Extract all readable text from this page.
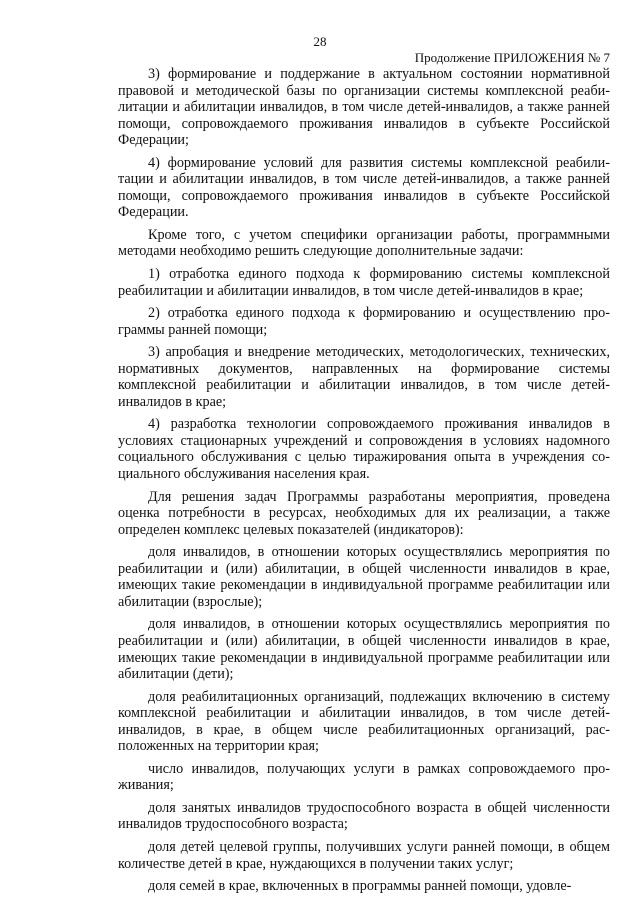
28
Продолжение ПРИЛОЖЕНИЯ № 7

3) формирование и поддержание в актуальном состоянии нормативной правовой и методической базы по организации системы комплексной реабилитации и абилитации инвалидов, в том числе детей-инвалидов, а также ранней помощи, сопровождаемого проживания инвалидов в субъекте Российской Федерации;

4) формирование условий для развития системы комплексной реабилитации и абилитации инвалидов, в том числе детей-инвалидов, а также ранней помощи, сопровождаемого проживания инвалидов в субъекте Российской Федерации.

Кроме того, с учетом специфики организации работы, программными методами необходимо решить следующие дополнительные задачи:

1) отработка единого подхода к формированию системы комплексной реабилитации и абилитации инвалидов, в том числе детей-инвалидов в крае;

2) отработка единого подхода к формированию и осуществлению программы ранней помощи;

3) апробация и внедрение методических, методологических, технических, нормативных документов, направленных на формирование системы комплексной реабилитации и абилитации инвалидов, в том числе детей-инвалидов в крае;

4) разработка технологии сопровождаемого проживания инвалидов в условиях стационарных учреждений и сопровождения в условиях надомного социального обслуживания с целью тиражирования опыта в учреждения социального обслуживания населения края.

Для решения задач Программы разработаны мероприятия, проведена оценка потребности в ресурсах, необходимых для их реализации, а также определен комплекс целевых показателей (индикаторов):

доля инвалидов, в отношении которых осуществлялись мероприятия по реабилитации и (или) абилитации, в общей численности инвалидов в крае, имеющих такие рекомендации в индивидуальной программе реабилитации или абилитации (взрослые);

доля инвалидов, в отношении которых осуществлялись мероприятия по реабилитации и (или) абилитации, в общей численности инвалидов в крае, имеющих такие рекомендации в индивидуальной программе реабилитации или абилитации (дети);

доля реабилитационных организаций, подлежащих включению в систему комплексной реабилитации и абилитации инвалидов, в том числе детей-инвалидов, в крае, в общем числе реабилитационных организаций, расположенных на территории края;

число инвалидов, получающих услуги в рамках сопровождаемого проживания;

доля занятых инвалидов трудоспособного возраста в общей численности инвалидов трудоспособного возраста;

доля детей целевой группы, получивших услуги ранней помощи, в общем количестве детей в крае, нуждающихся в получении таких услуг;

доля семей в крае, включенных в программы ранней помощи, удовле-
